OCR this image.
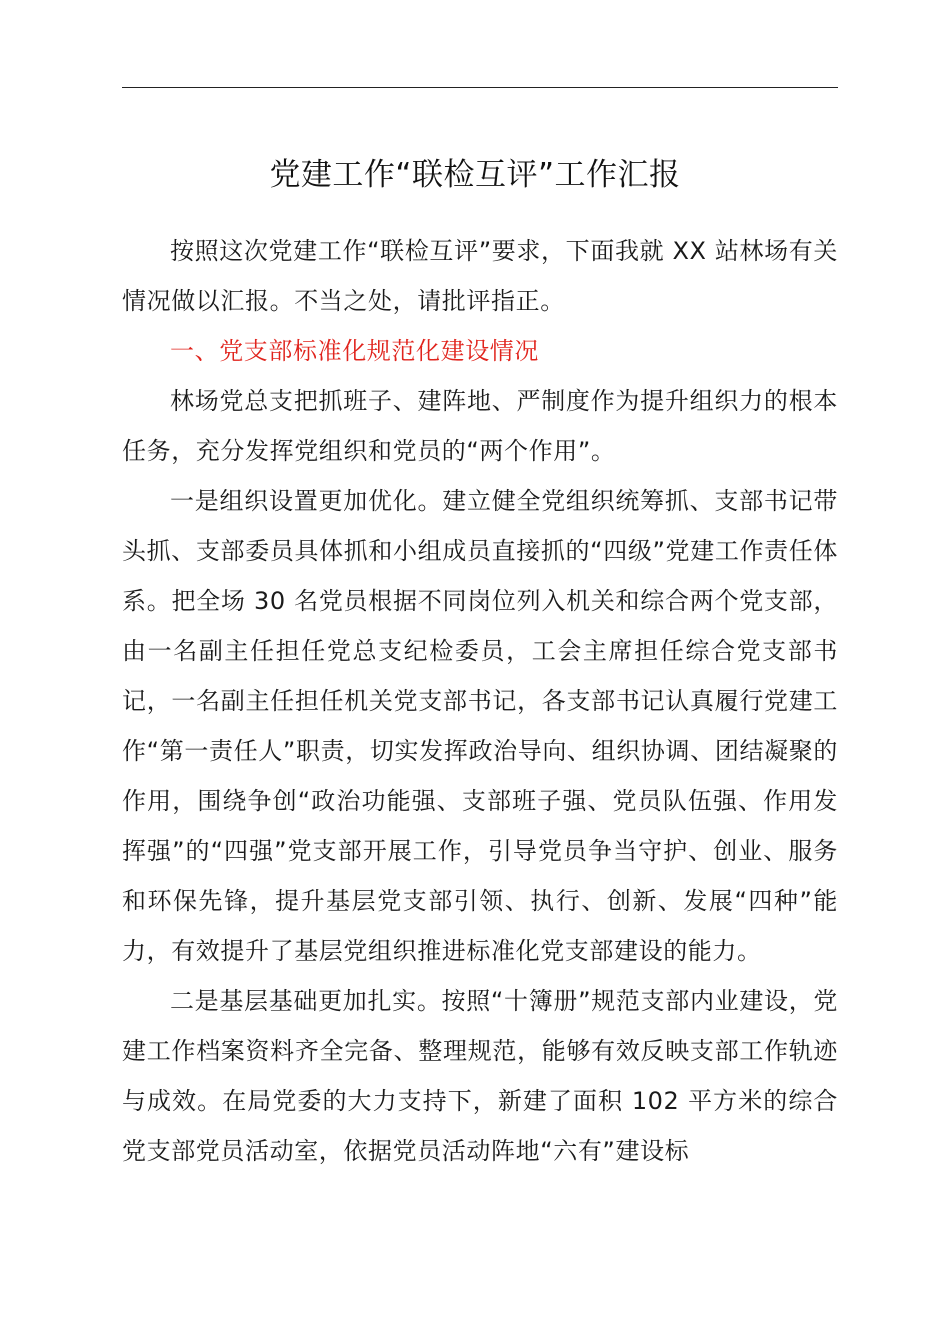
党建工作“联检互评”工作汇报

按照这次党建工作“联检互评”要求，下面我就 XX 站林场有关情况做以汇报。不当之处，请批评指正。

一、党支部标准化规范化建设情况

林场党总支把抓班子、建阵地、严制度作为提升组织力的根本任务，充分发挥党组织和党员的“两个作用”。

一是组织设置更加优化。建立健全党组织统筹抓、支部书记带头抓、支部委员具体抓和小组成员直接抓的“四级”党建工作责任体系。把全场 30 名党员根据不同岗位列入机关和综合两个党支部，由一名副主任担任党总支纪检委员，工会主席担任综合党支部书记，一名副主任担任机关党支部书记，各支部书记认真履行党建工作“第一责任人”职责，切实发挥政治导向、组织协调、团结凝聚的作用，围绕争创“政治功能强、支部班子强、党员队伍强、作用发挥强”的“四强”党支部开展工作，引导党员争当守护、创业、服务和环保先锋，提升基层党支部引领、执行、创新、发展“四种”能力，有效提升了基层党组织推进标准化党支部建设的能力。

二是基层基础更加扎实。按照“十簿册”规范支部内业建设，党建工作档案资料齐全完备、整理规范，能够有效反映支部工作轨迹与成效。在局党委的大力支持下，新建了面积 102 平方米的综合党支部党员活动室，依据党员活动阵地“六有”建设标
